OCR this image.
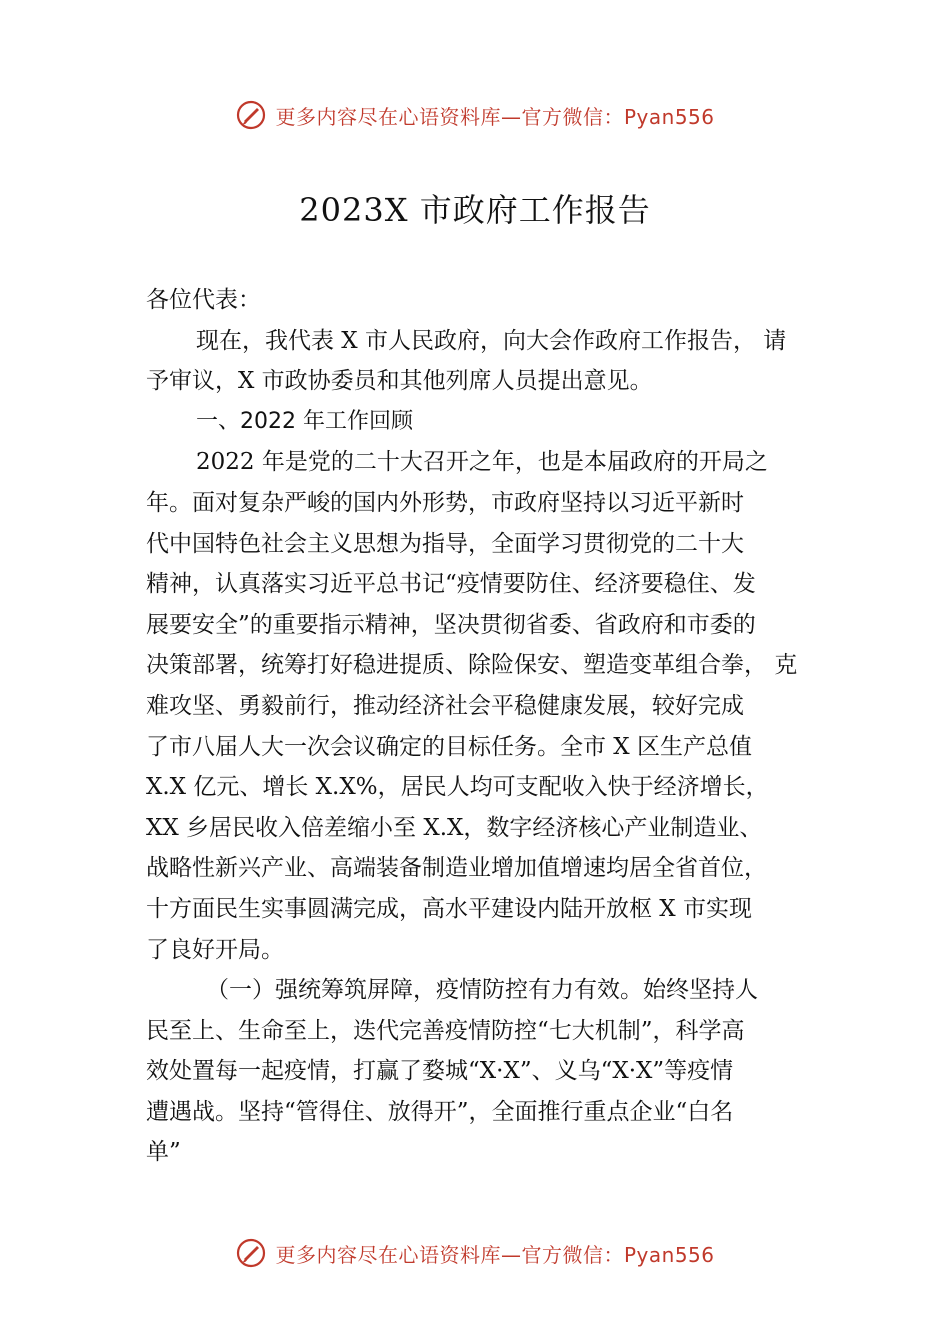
更多内容尽在心语资料库—官方微信：Pyan556
2023X 市政府工作报告
各位代表：
现在，我代表 X 市人民政府，向大会作政府工作报告， 请
予审议，X 市政协委员和其他列席人员提出意见。
一、2022 年工作回顾
2022 年是党的二十大召开之年，也是本届政府的开局之
年。面对复杂严峻的国内外形势，市政府坚持以习近平新时
代中国特色社会主义思想为指导，全面学习贯彻党的二十大
精神，认真落实习近平总书记“疫情要防住、经济要稳住、发
展要安全”的重要指示精神，坚决贯彻省委、省政府和市委的
决策部署，统筹打好稳进提质、除险保安、塑造变革组合拳， 克
难攻坚、勇毅前行，推动经济社会平稳健康发展，较好完成
了市八届人大一次会议确定的目标任务。全市 X 区生产总值
X.X 亿元、增长 X.X%，居民人均可支配收入快于经济增长，
XX 乡居民收入倍差缩小至 X.X，数字经济核心产业制造业、
战略性新兴产业、高端装备制造业增加值增速均居全省首位，
十方面民生实事圆满完成，高水平建设内陆开放枢 X 市实现
了良好开局。
（一）强统筹筑屏障，疫情防控有力有效。始终坚持人
民至上、生命至上，迭代完善疫情防控“七大机制”，科学高
效处置每一起疫情，打赢了婺城“X·X”、义乌“X·X”等疫情
遭遇战。坚持“管得住、放得开”，全面推行重点企业“白名
单”
更多内容尽在心语资料库—官方微信：Pyan556
